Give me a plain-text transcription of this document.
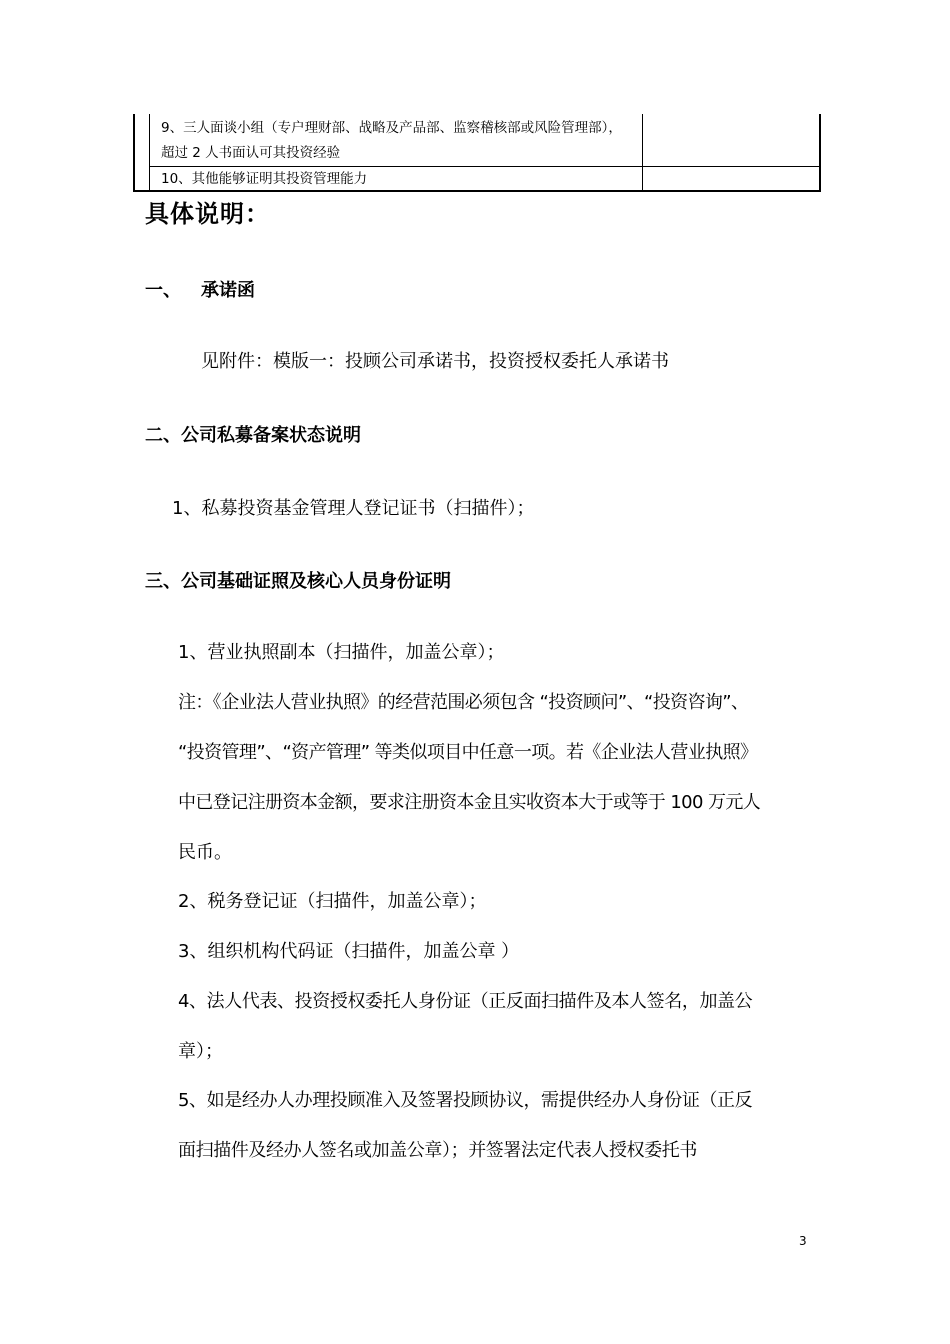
9、三人面谈小组（专户理财部、战略及产品部、监察稽核部或风险管理部），
超过 2 人书面认可其投资经验
10、其他能够证明其投资管理能力
具体说明：
一、 承诺函
见附件：模版一：投顾公司承诺书，投资授权委托人承诺书
二、公司私募备案状态说明
1、私募投资基金管理人登记证书（扫描件）；
三、公司基础证照及核心人员身份证明
1、营业执照副本（扫描件，加盖公章）；
注：《企业法人营业执照》的经营范围必须包含 “投资顾问”、“投资咨询”、
“投资管理”、“资产管理” 等类似项目中任意一项。若《企业法人营业执照》
中已登记注册资本金额，要求注册资本金且实收资本大于或等于 100 万元人
民币。
2、税务登记证（扫描件，加盖公章）；
3、组织机构代码证（扫描件，加盖公章 ）
4、法人代表、投资授权委托人身份证（正反面扫描件及本人签名，加盖公
章）；
5、如是经办人办理投顾准入及签署投顾协议，需提供经办人身份证（正反
面扫描件及经办人签名或加盖公章）；并签署法定代表人授权委托书
3
